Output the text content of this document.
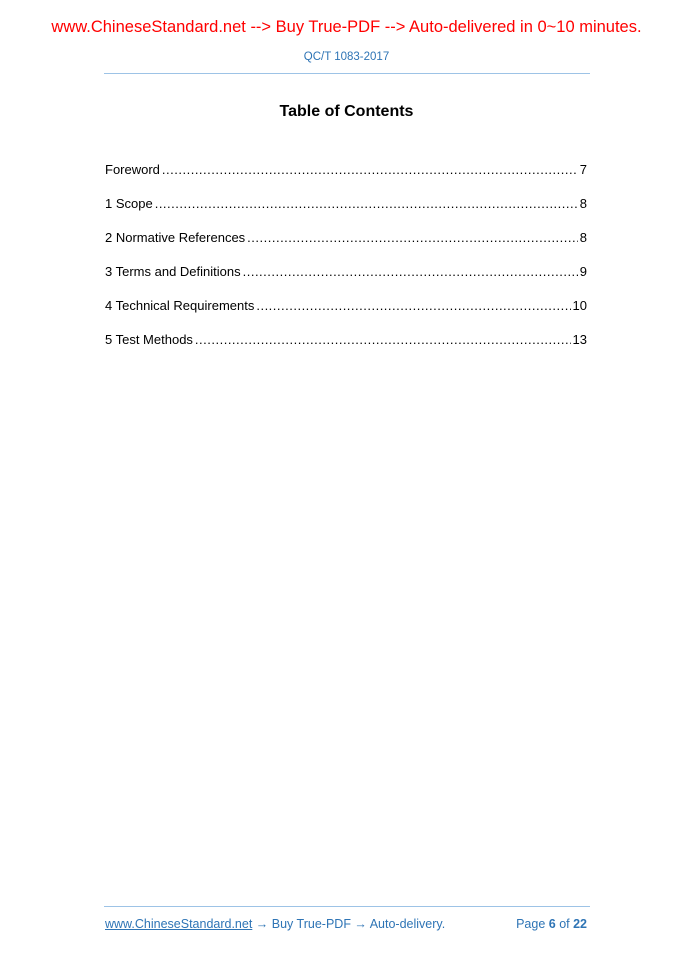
www.ChineseStandard.net --> Buy True-PDF --> Auto-delivered in 0~10 minutes.
QC/T 1083-2017
Table of Contents
Foreword .....	7
1 Scope .....	8
2 Normative References .....	8
3 Terms and Definitions .....	9
4 Technical Requirements .....	10
5 Test Methods .....	13
www.ChineseStandard.net → Buy True-PDF → Auto-delivery.	Page 6 of 22
